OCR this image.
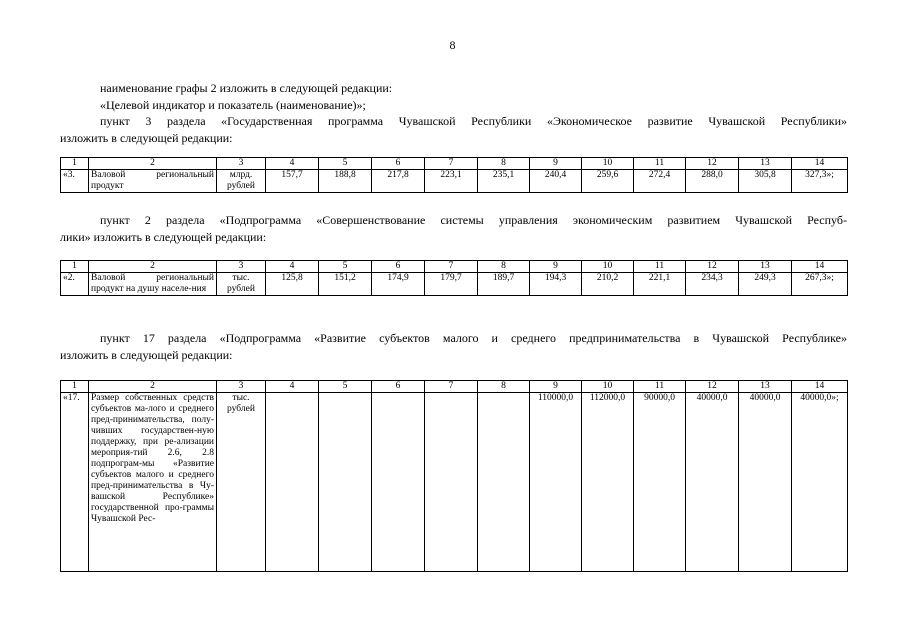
8
наименование графы 2 изложить в следующей редакции:
«Целевой индикатор и показатель (наименование)»;
пункт 3 раздела «Государственная программа Чувашской Республики «Экономическое развитие Чувашской Республики»
изложить в следующей редакции:
1	2	3	4	5	6	7	8	9	10	11	12	13	14
«3.	Валовой региональный продукт	млрд. рублей	157,7	188,8	217,8	223,1	235,1	240,4	259,6	272,4	288,0	305,8	327,3»;
пункт 2 раздела «Подпрограмма «Совершенствование системы управления экономическим развитием Чувашской Респуб-
лики» изложить в следующей редакции:
1	2	3	4	5	6	7	8	9	10	11	12	13	14
«2.	Валовой региональный продукт на душу населе-ния	тыс. рублей	125,8	151,2	174,9	179,7	189,7	194,3	210,2	221,1	234,3	249,3	267,3»;
пункт 17 раздела «Подпрограмма «Развитие субъектов малого и среднего предпринимательства в Чувашской Республике»
изложить в следующей редакции:
1	2	3	4	5	6	7	8	9	10	11	12	13	14
«17.	Размер собственных средств субъектов ма-лого и среднего пред-принимательства, полу-чивших государствен-ную поддержку, при ре-ализации мероприя-тий 2.6, 2.8 подпрограм-мы «Развитие субъектов малого и среднего пред-принимательства в Чу-вашской Республике» государственной про-граммы Чувашской Рес-	тыс. рублей						110000,0	112000,0	90000,0	40000,0	40000,0	40000,0»;
